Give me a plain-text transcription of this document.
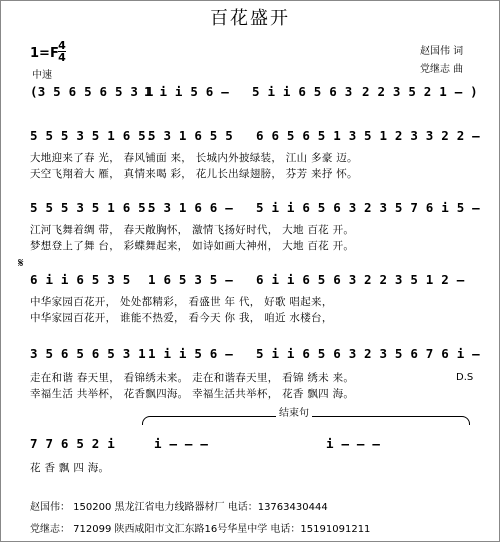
百花盛开
赵国伟 词
党继志 曲
1=F
4
4
中速
(3 5 6 5 6 5 3 1
1 i i 5 6 – 5 i i 6 5 6 3 2 2 3 5 2 1 – )
5 5 5 3 5 1 6 5.
5 3 1 6 5 5 6 6 5 6 5 1 3 5 1 2 3 3 2 2 –
大地迎来了春 光， 春风铺面 来， 长城内外披绿装， 江山 多豪 迈。
天空飞翔着大 雁， 真情来喝 彩， 花儿长出绿翅膀， 芬芳 来抒 怀。
5 5 5 3 5 1 6 5.
5 3 1 6 6 – 5 i i 6 5 6 3 2 3 5 7 6 i 5 –
江河飞舞着绸 带， 春天敞胸怀， 激情飞扬好时代， 大地 百花 开。
梦想登上了舞 台， 彩蝶舞起来， 如诗如画大神州， 大地 百花 开。
𝄋
6 i i 6 5 3 5 1 6 5 3 5 – 6 i i 6 5 6 3 2 2 3 5 1 2 –
中华家园百花开， 处处都精彩， 看盛世 年 代， 好歌 唱起来，
中华家园百花开， 谁能不热爱， 看今天 你 我， 咱近 水楼台，
3 5 6 5 6 5 3 1 1 i i 5 6 – 5 i i 6 5 6 3 2 3 5 6 7 6 i –
走在和谐 春天里， 看锦绣未来。 走在和谐春天里， 看锦 绣未 来。
幸福生活 共举杯， 花香飘四海。 幸福生活共举杯， 花香 飘四 海。
D.S
结束句
7 7 6 5 2 i	i – – –	i – – –
花 香 飘 四 海。
赵国伟： 150200 黑龙江省电力线路器材厂 电话：13763430444
党继志： 712099 陕西咸阳市文汇东路16号华星中学 电话：15191091211
